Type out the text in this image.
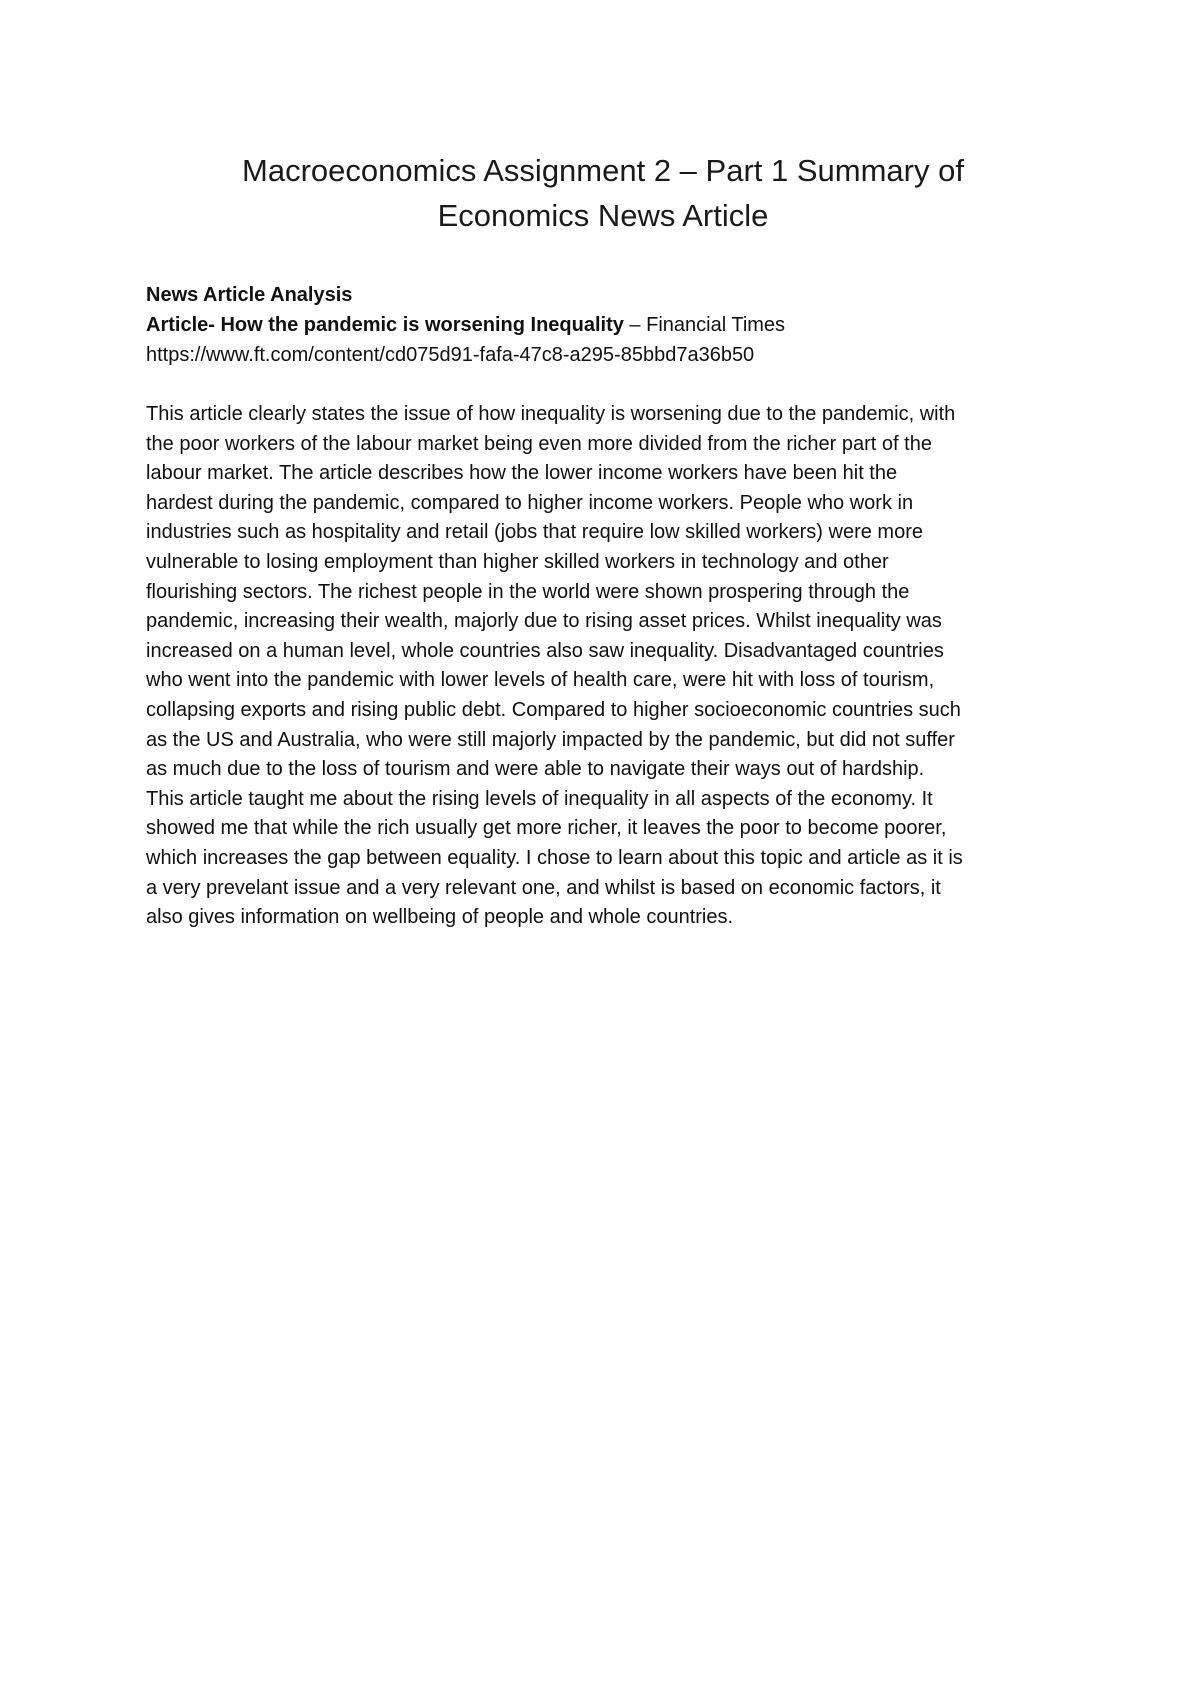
Macroeconomics Assignment 2 – Part 1 Summary of
Economics News Article
News Article Analysis
Article- How the pandemic is worsening Inequality – Financial Times
https://www.ft.com/content/cd075d91-fafa-47c8-a295-85bbd7a36b50

This article clearly states the issue of how inequality is worsening due to the pandemic, with
the poor workers of the labour market being even more divided from the richer part of the
labour market. The article describes how the lower income workers have been hit the
hardest during the pandemic, compared to higher income workers. People who work in
industries such as hospitality and retail (jobs that require low skilled workers) were more
vulnerable to losing employment than higher skilled workers in technology and other
flourishing sectors. The richest people in the world were shown prospering through the
pandemic, increasing their wealth, majorly due to rising asset prices. Whilst inequality was
increased on a human level, whole countries also saw inequality. Disadvantaged countries
who went into the pandemic with lower levels of health care, were hit with loss of tourism,
collapsing exports and rising public debt. Compared to higher socioeconomic countries such
as the US and Australia, who were still majorly impacted by the pandemic, but did not suffer
as much due to the loss of tourism and were able to navigate their ways out of hardship.
This article taught me about the rising levels of inequality in all aspects of the economy. It
showed me that while the rich usually get more richer, it leaves the poor to become poorer,
which increases the gap between equality. I chose to learn about this topic and article as it is
a very prevelant issue and a very relevant one, and whilst is based on economic factors, it
also gives information on wellbeing of people and whole countries.
